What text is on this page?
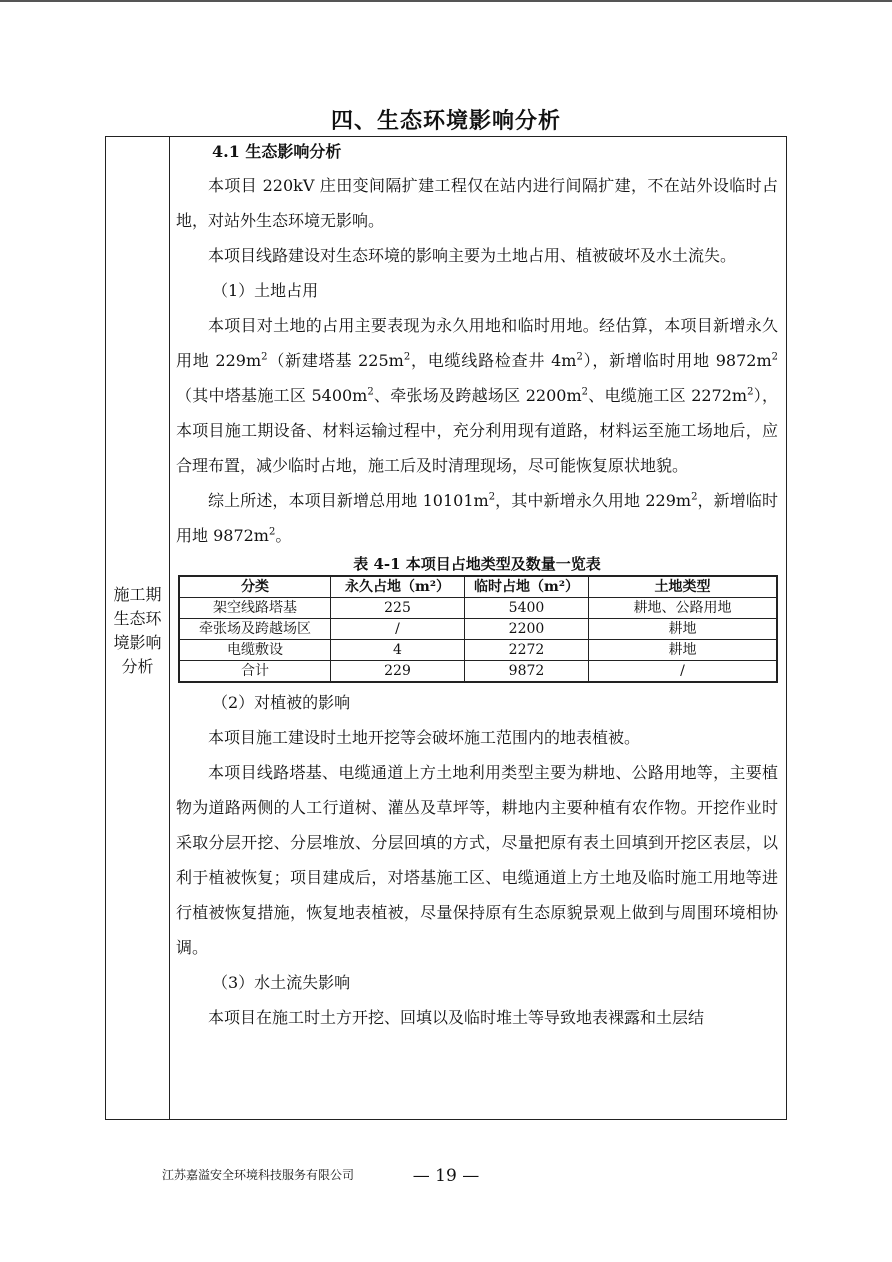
四、生态环境影响分析
施工期
生态环
境影响
分析

4.1 生态影响分析

本项目 220kV 庄田变间隔扩建工程仅在站内进行间隔扩建，不在站外设临时占地，对站外生态环境无影响。

本项目线路建设对生态环境的影响主要为土地占用、植被破坏及水土流失。

（1）土地占用

本项目对土地的占用主要表现为永久用地和临时用地。经估算，本项目新增永久用地 $229m^2$（新建塔基 $225m^2$，电缆线路检查井 $4m^2$），新增临时用地 $9872m^2$（其中塔基施工区 $5400m^2$、牵张场及跨越场区 $2200m^2$、电缆施工区 $2272m^2$），本项目施工期设备、材料运输过程中，充分利用现有道路，材料运至施工场地后，应合理布置，减少临时占地，施工后及时清理现场，尽可能恢复原状地貌。

综上所述，本项目新增总用地 $10101m^2$，其中新增永久用地 $229m^2$，新增临时用地 $9872m^2$。

表 4-1 本项目占地类型及数量一览表
分类	永久占地（m²）	临时占地（m²）	土地类型
架空线路塔基	225	5400	耕地、公路用地
牵张场及跨越场区	/	2200	耕地
电缆敷设	4	2272	耕地
合计	229	9872	/

（2）对植被的影响

本项目施工建设时土地开挖等会破坏施工范围内的地表植被。

本项目线路塔基、电缆通道上方土地利用类型主要为耕地、公路用地等，主要植物为道路两侧的人工行道树、灌丛及草坪等，耕地内主要种植有农作物。开挖作业时采取分层开挖、分层堆放、分层回填的方式，尽量把原有表土回填到开挖区表层，以利于植被恢复；项目建成后，对塔基施工区、电缆通道上方土地及临时施工用地等进行植被恢复措施，恢复地表植被，尽量保持原有生态原貌景观上做到与周围环境相协调。

（3）水土流失影响

本项目在施工时土方开挖、回填以及临时堆土等导致地表裸露和土层结

江苏嘉溢安全环境科技服务有限公司	— 19 —
